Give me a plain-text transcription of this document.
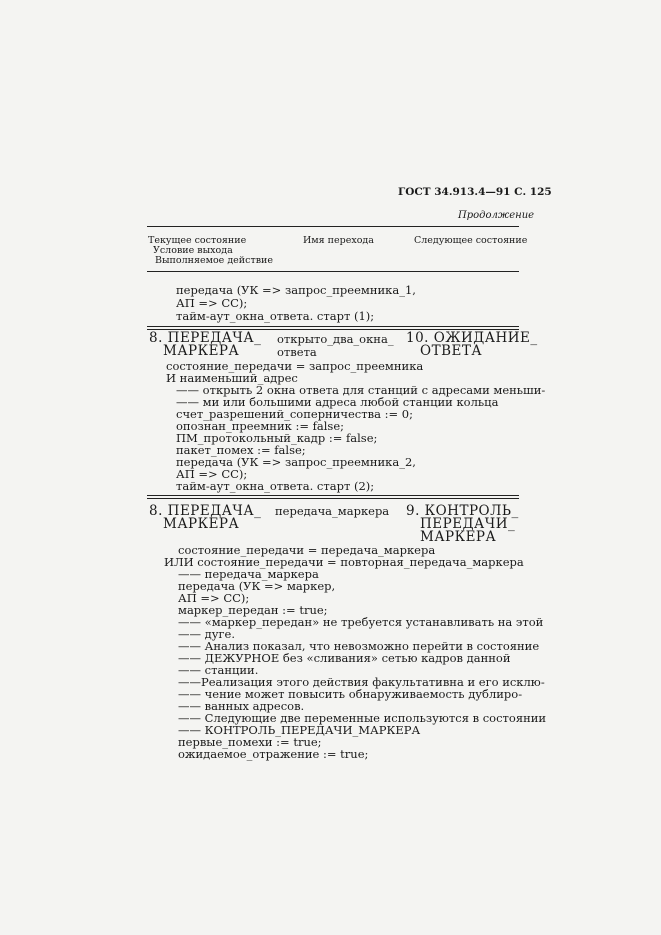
ГОСТ 34.913.4—91 С. 125
Продолжение
Текущее состояние
Условие выхода
Выполняемое действие
Имя перехода	Следующее состояние
передача (УК => запрос_преемника_1,
АП => СС);
тайм-аут_окна_ответа. старт (1);
8. ПЕРЕДАЧА_
МАРКЕРА
открыто_два_окна_
ответа
10. ОЖИДАНИЕ_
ОТВЕТА
состояние_передачи = запрос_преемника
И наименьший_адрес
—— открыть 2 окна ответа для станций с адресами меньши-
—— ми или большими адреса любой станции кольца
счет_разрешений_соперничества := 0;
опознан_преемник := false;
ПМ_протокольный_кадр := false;
пакет_помех := false;
передача (УК => запрос_преемника_2,
АП => СС);
тайм-аут_окна_ответа. старт (2);
8. ПЕРЕДАЧА_
МАРКЕРА
передача_маркера 9. КОНТРОЛЬ_
ПЕРЕДАЧИ_
МАРКЕРА
состояние_передачи = передача_маркера
ИЛИ состояние_передачи = повторная_передача_маркера
—— передача_маркера
передача (УК => маркер,
АП => СС);
маркер_передан := true;
—— «маркер_передан» не требуется устанавливать на этой
—— дуге.
—— Анализ показал, что невозможно перейти в состояние
—— ДЕЖУРНОЕ без «сливания» сетью кадров данной
—— станции.
——Реализация этого действия факультативна и его исклю-
—— чение может повысить обнаруживаемость дублиро-
—— ванных адресов.
—— Следующие две переменные используются в состоянии
—— КОНТРОЛЬ_ПЕРЕДАЧИ_МАРКЕРА
первые_помехи := true;
ожидаемое_отражение := true;
